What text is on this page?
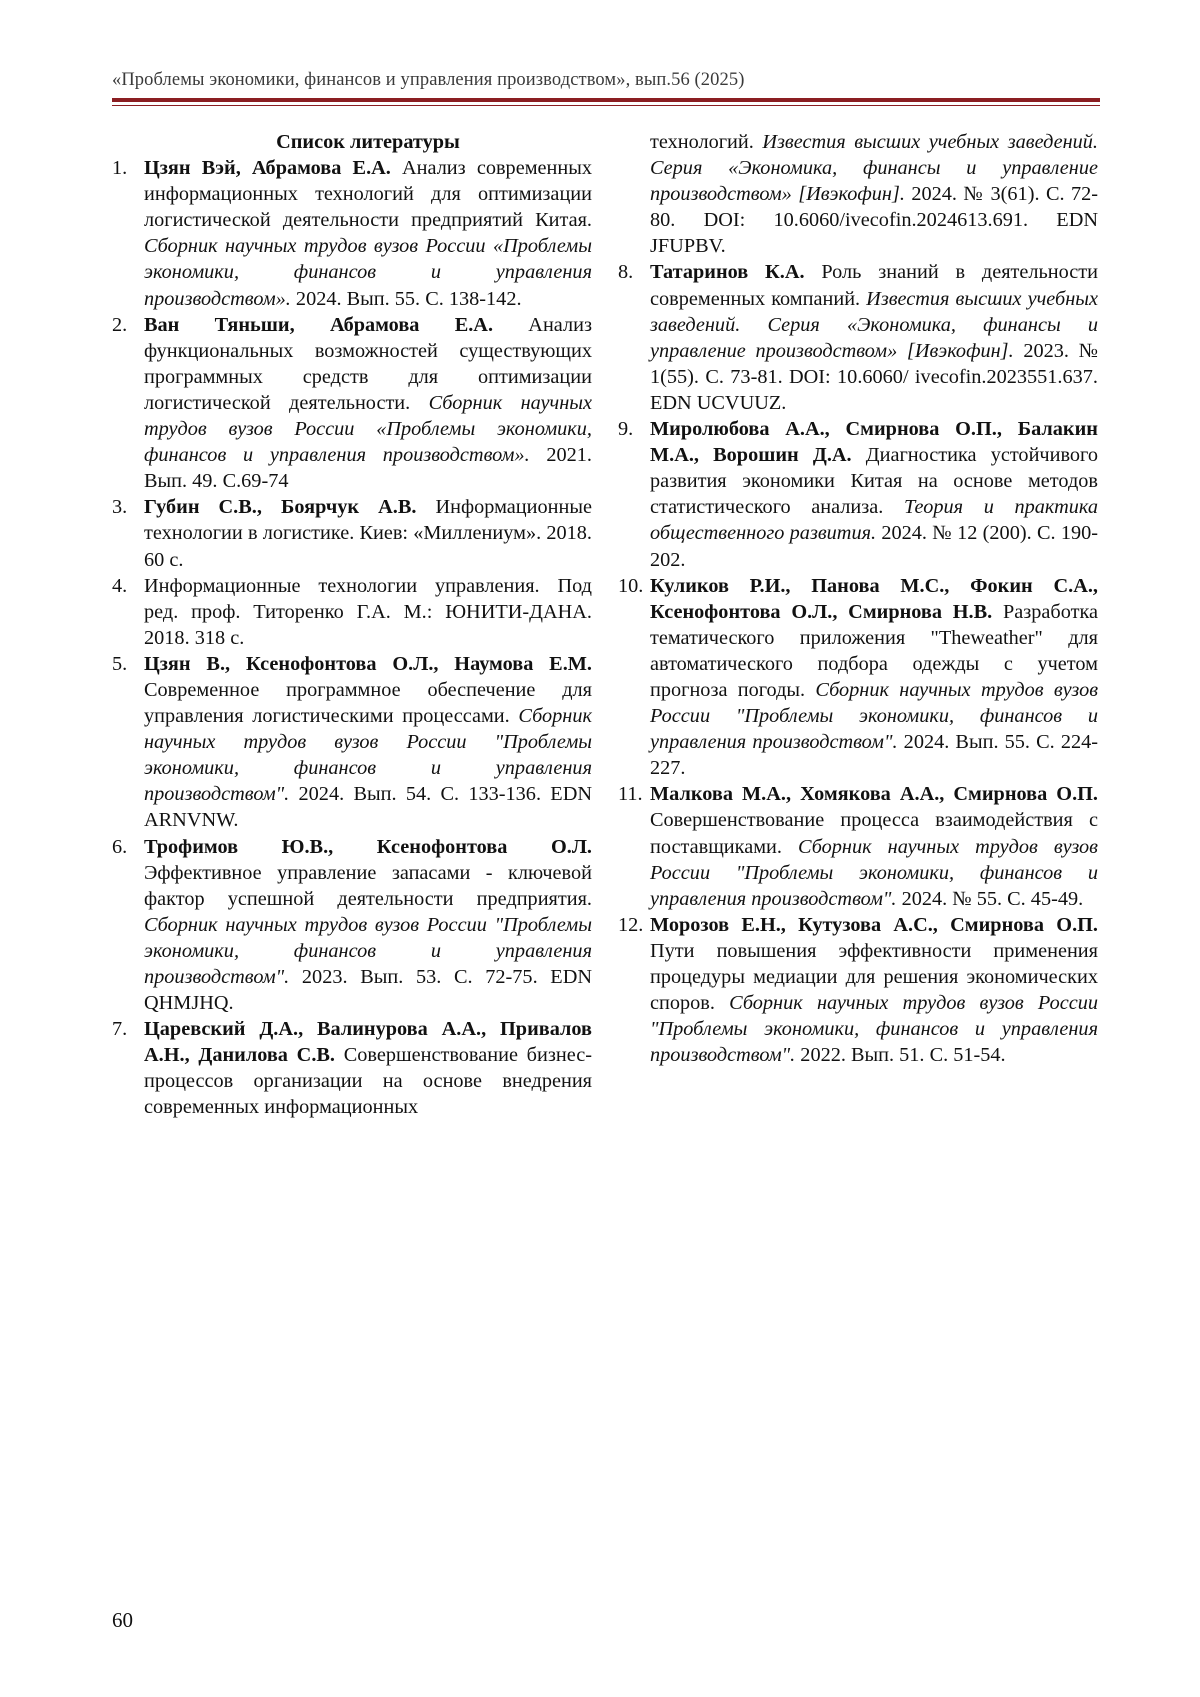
«Проблемы экономики, финансов и управления производством», вып.56 (2025)
Список литературы
1. Цзян Вэй, Абрамова Е.А. Анализ современных информационных технологий для оптимизации логистической деятельности предприятий Китая. Сборник научных трудов вузов России «Проблемы экономики, финансов и управления производством». 2024. Вып. 55. С. 138-142.
2. Ван Тяньши, Абрамова Е.А. Анализ функциональных возможностей существующих программных средств для оптимизации логистической деятельности. Сборник научных трудов вузов России «Проблемы экономики, финансов и управления производством». 2021. Вып. 49. С.69-74
3. Губин С.В., Боярчук А.В. Информационные технологии в логистике. Киев: «Миллениум». 2018. 60 с.
4. Информационные технологии управления. Под ред. проф. Титоренко Г.А. М.: ЮНИТИ-ДАНА. 2018. 318 с.
5. Цзян В., Ксенофонтова О.Л., Наумова Е.М. Современное программное обеспечение для управления логистическими процессами. Сборник научных трудов вузов России "Проблемы экономики, финансов и управления производством". 2024. Вып. 54. С. 133-136. EDN ARNVNW.
6. Трофимов Ю.В., Ксенофонтова О.Л. Эффективное управление запасами - ключевой фактор успешной деятельности предприятия. Сборник научных трудов вузов России "Проблемы экономики, финансов и управления производством". 2023. Вып. 53. С. 72-75. EDN QHMJHQ.
7. Царевский Д.А., Валинурова А.А., Привалов А.Н., Данилова С.В. Совершенствование бизнес-процессов организации на основе внедрения современных информационных
технологий. Известия высших учебных заведений. Серия «Экономика, финансы и управление производством» [Ивэкофин]. 2024. № 3(61). С. 72-80. DOI: 10.6060/ivecofin.2024613.691. EDN JFUPBV.
8. Татаринов К.А. Роль знаний в деятельности современных компаний. Известия высших учебных заведений. Серия «Экономика, финансы и управление производством» [Ивэкофин]. 2023. № 1(55). С. 73-81. DOI: 10.6060/ ivecofin.2023551.637. EDN UCVUUZ.
9. Миролюбова А.А., Смирнова О.П., Балакин М.А., Ворошин Д.А. Диагностика устойчивого развития экономики Китая на основе методов статистического анализа. Теория и практика общественного развития. 2024. № 12 (200). С. 190-202.
10. Куликов Р.И., Панова М.С., Фокин С.А., Ксенофонтова О.Л., Смирнова Н.В. Разработка тематического приложения "Theweather" для автоматического подбора одежды с учетом прогноза погоды. Сборник научных трудов вузов России "Проблемы экономики, финансов и управления производством". 2024. Вып. 55. С. 224-227.
11. Малкова М.А., Хомякова А.А., Смирнова О.П. Совершенствование процесса взаимодействия с поставщиками. Сборник научных трудов вузов России "Проблемы экономики, финансов и управления производством". 2024. № 55. С. 45-49.
12. Морозов Е.Н., Кутузова А.С., Смирнова О.П. Пути повышения эффективности применения процедуры медиации для решения экономических споров. Сборник научных трудов вузов России "Проблемы экономики, финансов и управления производством". 2022. Вып. 51. С. 51-54.
60
